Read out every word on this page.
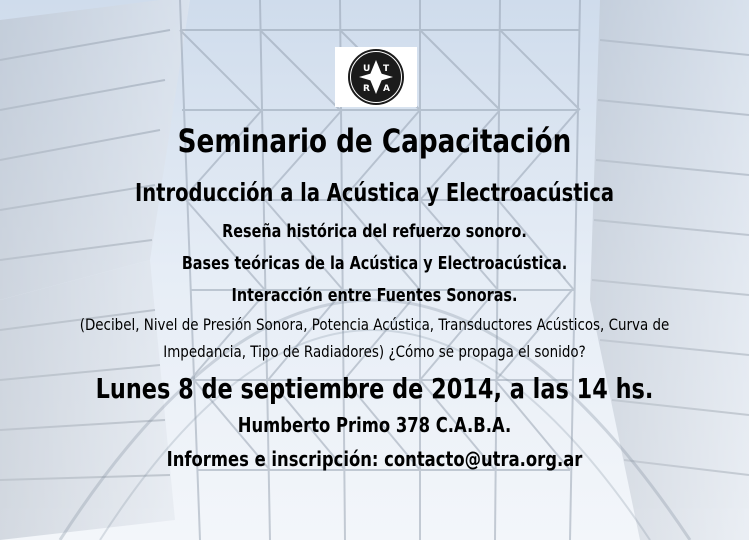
U T
R A
Seminario de Capacitación
Introducción a la Acústica y Electroacústica
Reseña histórica del refuerzo sonoro.
Bases teóricas de la Acústica y Electroacústica.
Interacción entre Fuentes Sonoras.
(Decibel, Nivel de Presión Sonora, Potencia Acústica, Transductores Acústicos, Curva de
Impedancia, Tipo de Radiadores) ¿Cómo se propaga el sonido?
Lunes 8 de septiembre de 2014, a las 14 hs.
Humberto Primo 378 C.A.B.A.
Informes e inscripción: contacto@utra.org.ar
